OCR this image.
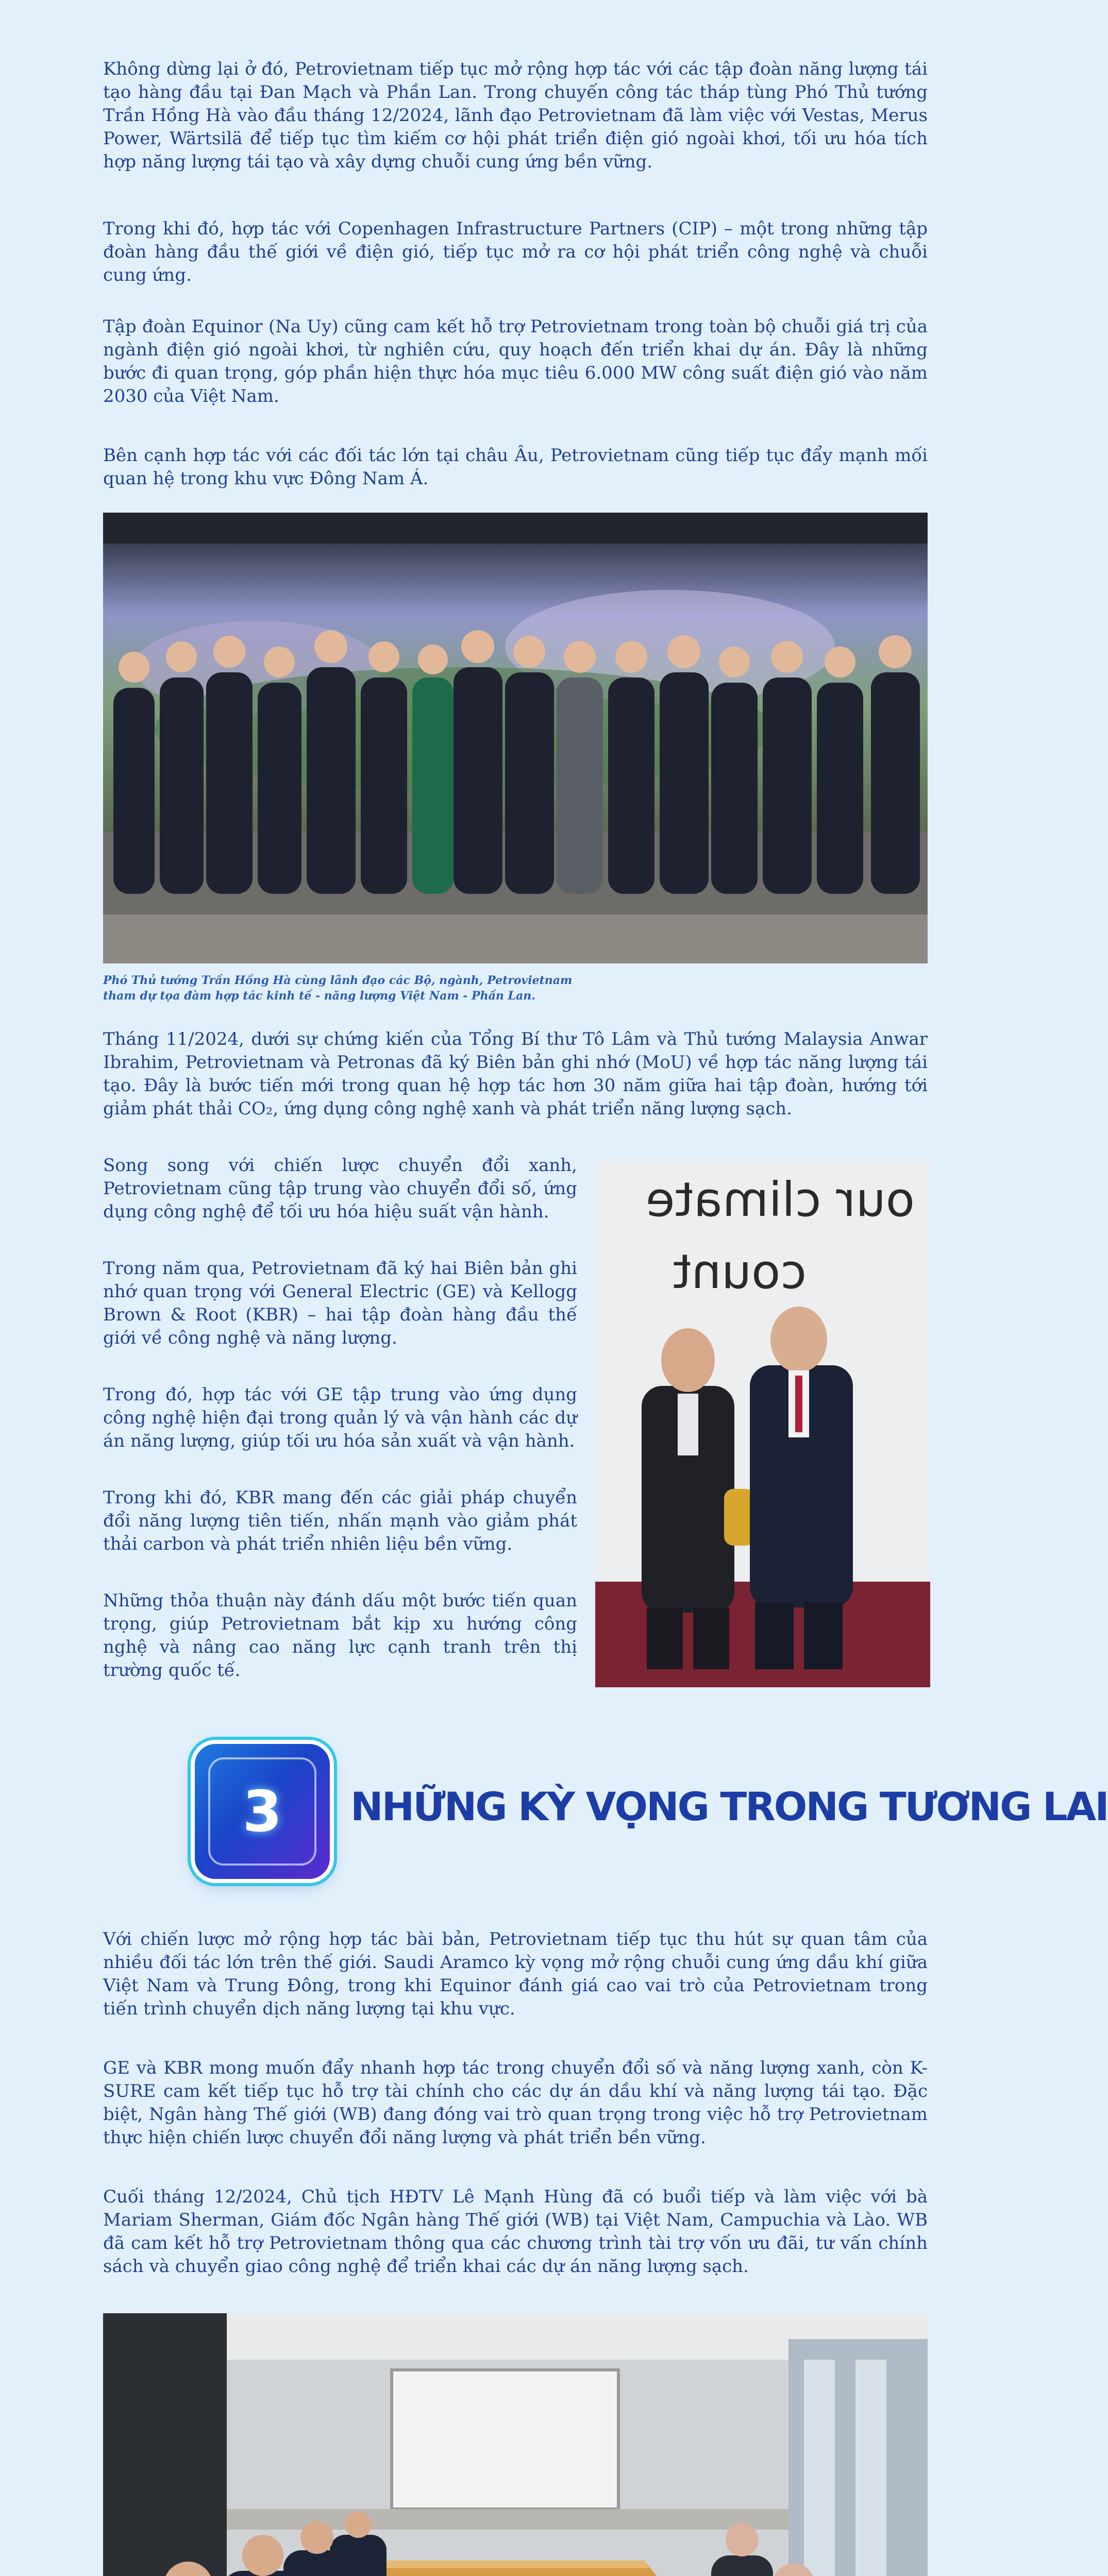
Không dừng lại ở đó, Petrovietnam tiếp tục mở rộng hợp tác với các tập đoàn năng lượng tái tạo hàng đầu tại Đan Mạch và Phần Lan. Trong chuyến công tác tháp tùng Phó Thủ tướng Trần Hồng Hà vào đầu tháng 12/2024, lãnh đạo Petrovietnam đã làm việc với Vestas, Merus Power, Wärtsilä để tiếp tục tìm kiếm cơ hội phát triển điện gió ngoài khơi, tối ưu hóa tích hợp năng lượng tái tạo và xây dựng chuỗi cung ứng bền vững.

Trong khi đó, hợp tác với Copenhagen Infrastructure Partners (CIP) – một trong những tập đoàn hàng đầu thế giới về điện gió, tiếp tục mở ra cơ hội phát triển công nghệ và chuỗi cung ứng.

Tập đoàn Equinor (Na Uy) cũng cam kết hỗ trợ Petrovietnam trong toàn bộ chuỗi giá trị của ngành điện gió ngoài khơi, từ nghiên cứu, quy hoạch đến triển khai dự án. Đây là những bước đi quan trọng, góp phần hiện thực hóa mục tiêu 6.000 MW công suất điện gió vào năm 2030 của Việt Nam.

Bên cạnh hợp tác với các đối tác lớn tại châu Âu, Petrovietnam cũng tiếp tục đẩy mạnh mối quan hệ trong khu vực Đông Nam Á.

Phó Thủ tướng Trần Hồng Hà cùng lãnh đạo các Bộ, ngành, Petrovietnam
tham dự tọa đàm hợp tác kinh tế - năng lượng Việt Nam - Phần Lan.

Tháng 11/2024, dưới sự chứng kiến của Tổng Bí thư Tô Lâm và Thủ tướng Malaysia Anwar Ibrahim, Petrovietnam và Petronas đã ký Biên bản ghi nhớ (MoU) về hợp tác năng lượng tái tạo. Đây là bước tiến mới trong quan hệ hợp tác hơn 30 năm giữa hai tập đoàn, hướng tới giảm phát thải CO₂, ứng dụng công nghệ xanh và phát triển năng lượng sạch.

Song song với chiến lược chuyển đổi xanh, Petrovietnam cũng tập trung vào chuyển đổi số, ứng dụng công nghệ để tối ưu hóa hiệu suất vận hành.

Trong năm qua, Petrovietnam đã ký hai Biên bản ghi nhớ quan trọng với General Electric (GE) và Kellogg Brown & Root (KBR) – hai tập đoàn hàng đầu thế giới về công nghệ và năng lượng.

Trong đó, hợp tác với GE tập trung vào ứng dụng công nghệ hiện đại trong quản lý và vận hành các dự án năng lượng, giúp tối ưu hóa sản xuất và vận hành.

Trong khi đó, KBR mang đến các giải pháp chuyển đổi năng lượng tiên tiến, nhấn mạnh vào giảm phát thải carbon và phát triển nhiên liệu bền vững.

Những thỏa thuận này đánh dấu một bước tiến quan trọng, giúp Petrovietnam bắt kịp xu hướng công nghệ và nâng cao năng lực cạnh tranh trên thị trường quốc tế.

our climate
count
3 NHỮNG KỲ VỌNG TRONG TƯƠNG LAI

Với chiến lược mở rộng hợp tác bài bản, Petrovietnam tiếp tục thu hút sự quan tâm của nhiều đối tác lớn trên thế giới. Saudi Aramco kỳ vọng mở rộng chuỗi cung ứng dầu khí giữa Việt Nam và Trung Đông, trong khi Equinor đánh giá cao vai trò của Petrovietnam trong tiến trình chuyển dịch năng lượng tại khu vực.

GE và KBR mong muốn đẩy nhanh hợp tác trong chuyển đổi số và năng lượng xanh, còn K-SURE cam kết tiếp tục hỗ trợ tài chính cho các dự án dầu khí và năng lượng tái tạo. Đặc biệt, Ngân hàng Thế giới (WB) đang đóng vai trò quan trọng trong việc hỗ trợ Petrovietnam thực hiện chiến lược chuyển đổi năng lượng và phát triển bền vững.

Cuối tháng 12/2024, Chủ tịch HĐTV Lê Mạnh Hùng đã có buổi tiếp và làm việc với bà Mariam Sherman, Giám đốc Ngân hàng Thế giới (WB) tại Việt Nam, Campuchia và Lào. WB đã cam kết hỗ trợ Petrovietnam thông qua các chương trình tài trợ vốn ưu đãi, tư vấn chính sách và chuyển giao công nghệ để triển khai các dự án năng lượng sạch.
